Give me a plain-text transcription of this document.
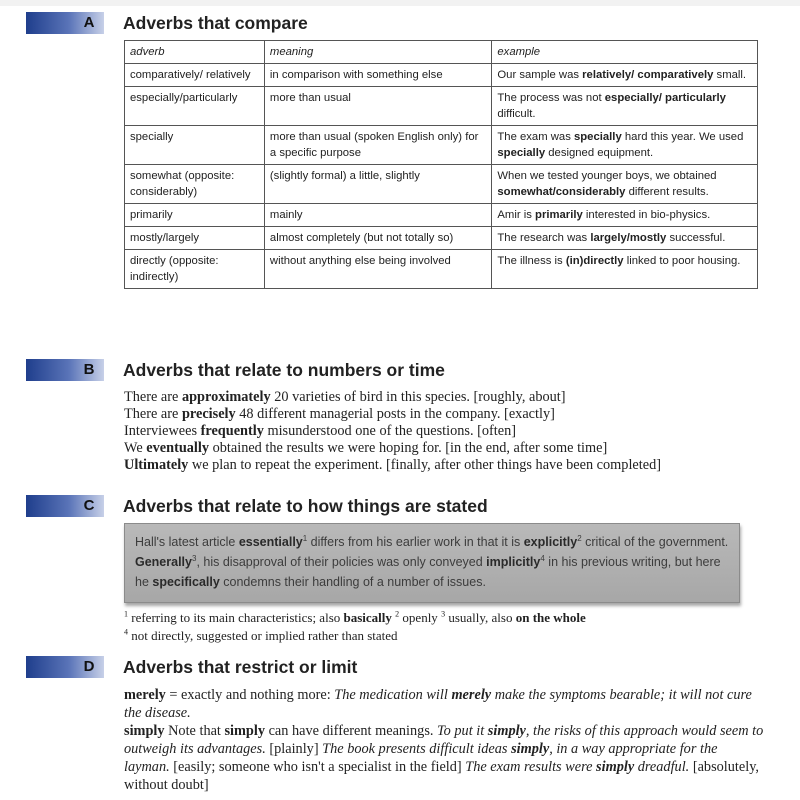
A	Adverbs that compare
adverb	meaning	example
comparatively/ relatively	in comparison with something else	Our sample was relatively/ comparatively small.
especially/particularly	more than usual	The process was not especially/ particularly difficult.
specially	more than usual (spoken English only) for a specific purpose	The exam was specially hard this year. We used specially designed equipment.
somewhat (opposite: considerably)	(slightly formal) a little, slightly	When we tested younger boys, we obtained somewhat/considerably different results.
primarily	mainly	Amir is primarily interested in bio-physics.
mostly/largely	almost completely (but not totally so)	The research was largely/mostly successful.
directly (opposite: indirectly)	without anything else being involved	The illness is (in)directly linked to poor housing.
B	Adverbs that relate to numbers or time
There are approximately 20 varieties of bird in this species. [roughly, about]
There are precisely 48 different managerial posts in the company. [exactly]
Interviewees frequently misunderstood one of the questions. [often]
We eventually obtained the results we were hoping for. [in the end, after some time]
Ultimately we plan to repeat the experiment. [finally, after other things have been completed]
C	Adverbs that relate to how things are stated

Hall's latest article essentially$^1$ differs from his earlier work in that it is explicitly$^2$ critical of the government. Generally$^3$, his disapproval of their policies was only conveyed implicitly$^4$ in his previous writing, but here he specifically condemns their handling of a number of issues.

$^1$ referring to its main characteristics; also basically $^2$ openly $^3$ usually, also on the whole
$^4$ not directly, suggested or implied rather than stated
D	Adverbs that restrict or limit
merely = exactly and nothing more: The medication will merely make the symptoms bearable; it will not cure the disease.
simply Note that simply can have different meanings. To put it simply, the risks of this approach would seem to outweigh its advantages. [plainly] The book presents difficult ideas simply, in a way appropriate for the layman. [easily; someone who isn't a specialist in the field] The exam results were simply dreadful. [absolutely, without doubt]
